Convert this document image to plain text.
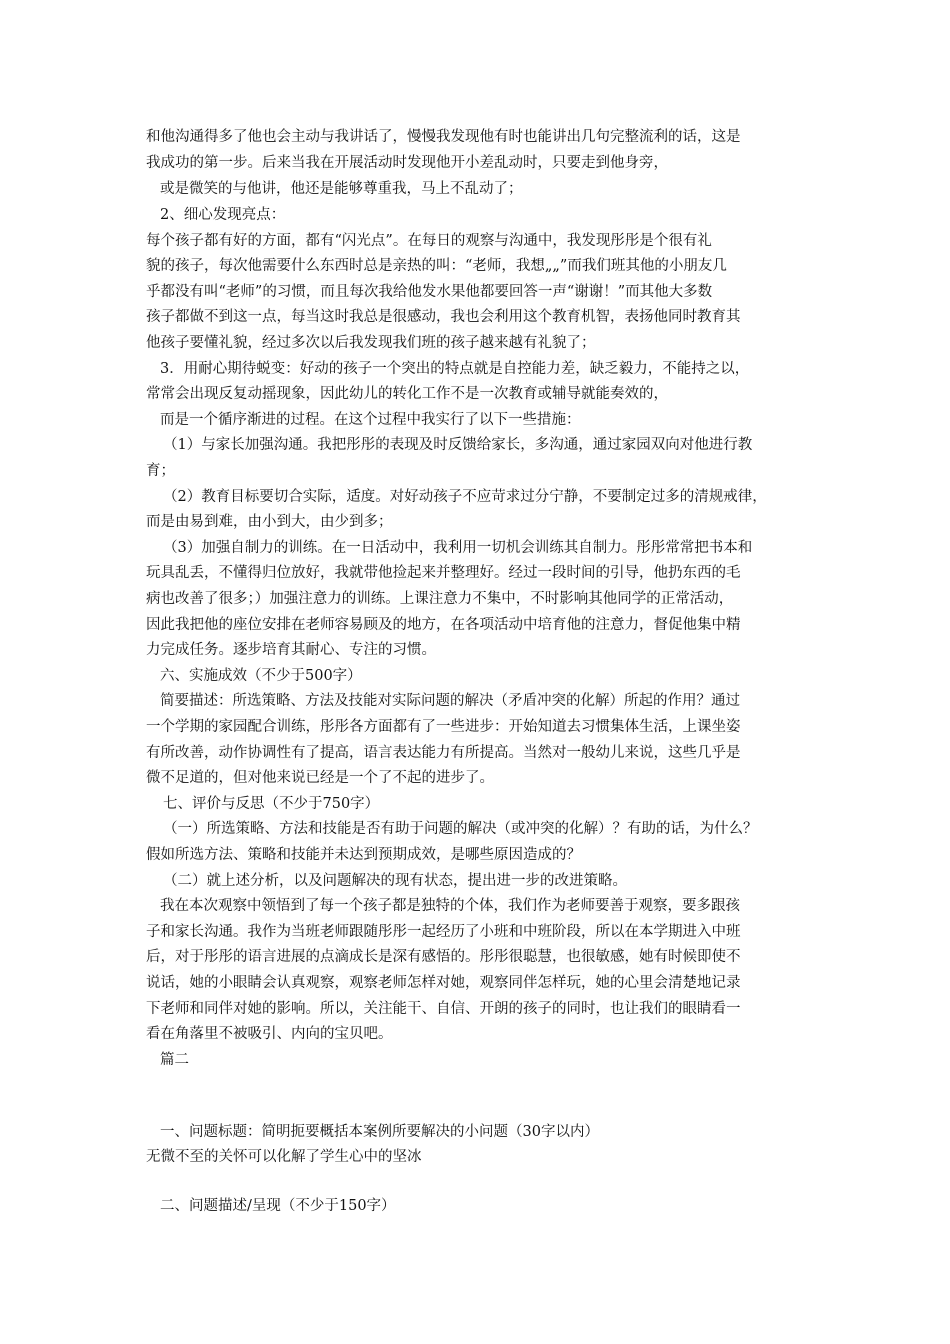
和他沟通得多了他也会主动与我讲话了，慢慢我发现他有时也能讲出几句完整流利的话，这是
我成功的第一步。后来当我在开展活动时发现他开小差乱动时，只要走到他身旁，
或是微笑的与他讲，他还是能够尊重我，马上不乱动了；
2、细心发现亮点：
每个孩子都有好的方面，都有“闪光点”。在每日的观察与沟通中，我发现彤彤是个很有礼
貌的孩子，每次他需要什么东西时总是亲热的叫：“老师，我想„„”而我们班其他的小朋友几
乎都没有叫“老师”的习惯，而且每次我给他发水果他都要回答一声“谢谢！”而其他大多数
孩子都做不到这一点，每当这时我总是很感动，我也会利用这个教育机智，表扬他同时教育其
他孩子要懂礼貌，经过多次以后我发现我们班的孩子越来越有礼貌了；
3．用耐心期待蜕变：好动的孩子一个突出的特点就是自控能力差，缺乏毅力，不能持之以，
常常会出现反复动摇现象，因此幼儿的转化工作不是一次教育或辅导就能奏效的，
而是一个循序渐进的过程。在这个过程中我实行了以下一些措施：
（1）与家长加强沟通。我把彤彤的表现及时反馈给家长，多沟通，通过家园双向对他进行教
育；
（2）教育目标要切合实际，适度。对好动孩子不应苛求过分宁静，不要制定过多的清规戒律，
而是由易到难，由小到大，由少到多；
（3）加强自制力的训练。在一日活动中，我利用一切机会训练其自制力。彤彤常常把书本和
玩具乱丢，不懂得归位放好，我就带他捡起来并整理好。经过一段时间的引导，他扔东西的毛
病也改善了很多；）加强注意力的训练。上课注意力不集中，不时影响其他同学的正常活动，
因此我把他的座位安排在老师容易顾及的地方，在各项活动中培育他的注意力，督促他集中精
力完成任务。逐步培育其耐心、专注的习惯。
六、实施成效（不少于500字）
简要描述：所选策略、方法及技能对实际问题的解决（矛盾冲突的化解）所起的作用？通过
一个学期的家园配合训练，彤彤各方面都有了一些进步：开始知道去习惯集体生活，上课坐姿
有所改善，动作协调性有了提高，语言表达能力有所提高。当然对一般幼儿来说，这些几乎是
微不足道的，但对他来说已经是一个了不起的进步了。
七、评价与反思（不少于750字）
（一）所选策略、方法和技能是否有助于问题的解决（或冲突的化解）？有助的话，为什么？
假如所选方法、策略和技能并未达到预期成效，是哪些原因造成的？
（二）就上述分析，以及问题解决的现有状态，提出进一步的改进策略。
我在本次观察中领悟到了每一个孩子都是独特的个体，我们作为老师要善于观察，要多跟孩
子和家长沟通。我作为当班老师跟随彤彤一起经历了小班和中班阶段，所以在本学期进入中班
后，对于彤彤的语言进展的点滴成长是深有感悟的。彤彤很聪慧，也很敏感，她有时候即使不
说话，她的小眼睛会认真观察，观察老师怎样对她，观察同伴怎样玩，她的心里会清楚地记录
下老师和同伴对她的影响。所以，关注能干、自信、开朗的孩子的同时，也让我们的眼睛看一
看在角落里不被吸引、内向的宝贝吧。
篇二
一、问题标题：简明扼要概括本案例所要解决的小问题（30字以内）
无微不至的关怀可以化解了学生心中的坚冰
二、问题描述/呈现（不少于150字）
